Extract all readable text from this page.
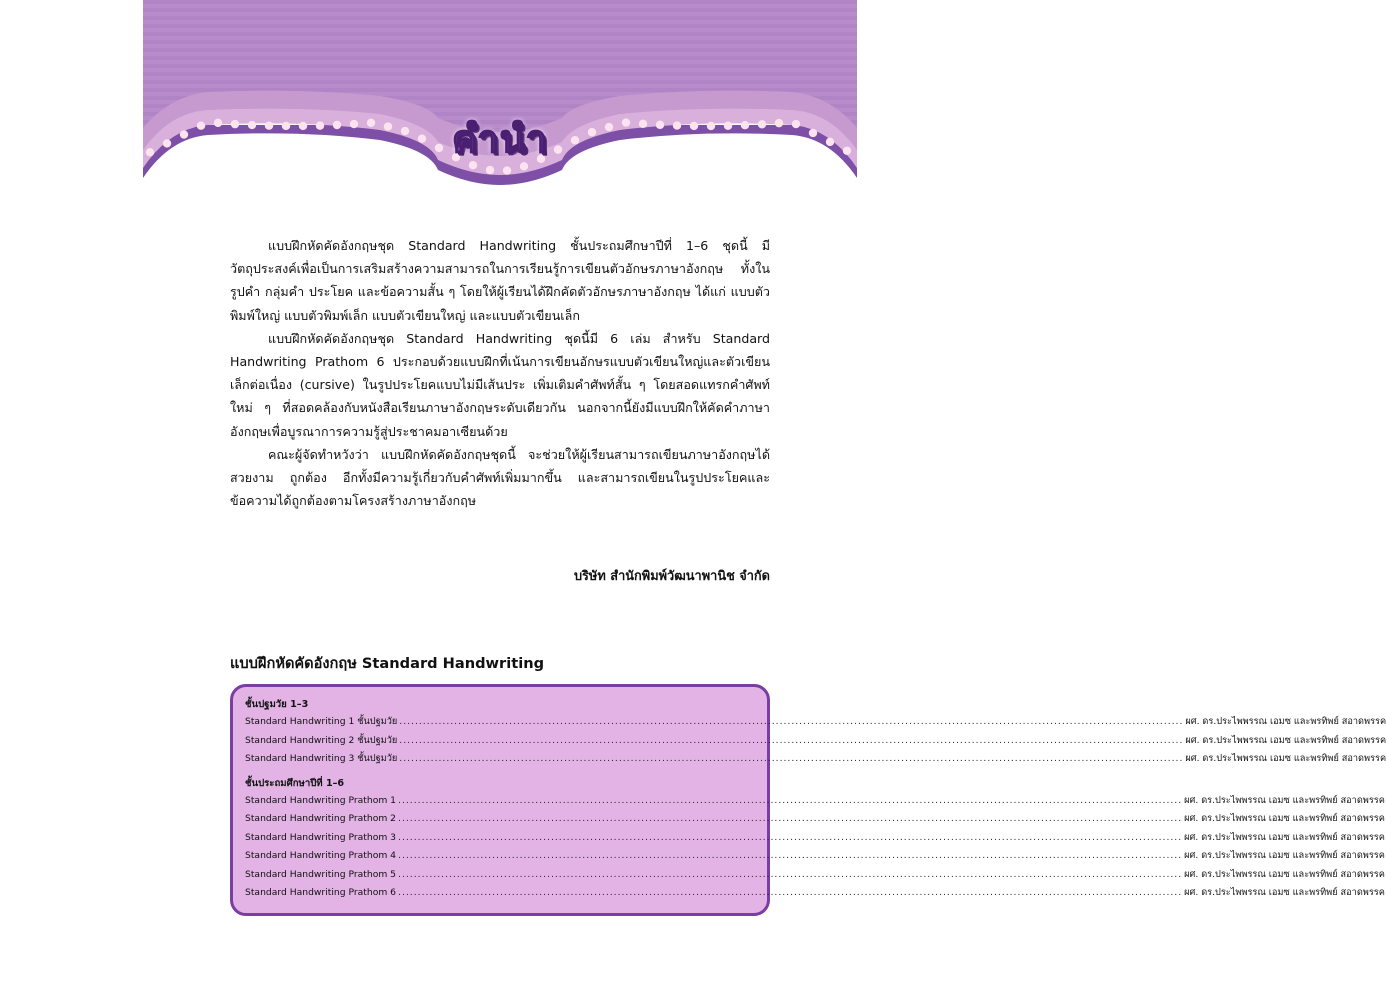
คำนำ

แบบฝึกหัดคัดอังกฤษชุด Standard Handwriting ชั้นประถมศึกษาปีที่ 1–6 ชุดนี้ มีวัตถุประสงค์เพื่อเป็นการเสริมสร้างความสามารถในการเรียนรู้การเขียนตัวอักษรภาษาอังกฤษ ทั้งในรูปคำ กลุ่มคำ ประโยค และข้อความสั้น ๆ โดยให้ผู้เรียนได้ฝึกคัดตัวอักษรภาษาอังกฤษ ได้แก่ แบบตัวพิมพ์ใหญ่ แบบตัวพิมพ์เล็ก แบบตัวเขียนใหญ่ และแบบตัวเขียนเล็ก

แบบฝึกหัดคัดอังกฤษชุด Standard Handwriting ชุดนี้มี 6 เล่ม สำหรับ Standard Handwriting Prathom 6 ประกอบด้วยแบบฝึกที่เน้นการเขียนอักษรแบบตัวเขียนใหญ่และตัวเขียนเล็กต่อเนื่อง (cursive) ในรูปประโยคแบบไม่มีเส้นประ เพิ่มเติมคำศัพท์สั้น ๆ โดยสอดแทรกคำศัพท์ใหม่ ๆ ที่สอดคล้องกับหนังสือเรียนภาษาอังกฤษระดับเดียวกัน นอกจากนี้ยังมีแบบฝึกให้คัดคำภาษาอังกฤษเพื่อบูรณาการความรู้สู่ประชาคมอาเซียนด้วย

คณะผู้จัดทำหวังว่า แบบฝึกหัดคัดอังกฤษชุดนี้ จะช่วยให้ผู้เรียนสามารถเขียนภาษาอังกฤษได้สวยงาม ถูกต้อง อีกทั้งมีความรู้เกี่ยวกับคำศัพท์เพิ่มมากขึ้น และสามารถเขียนในรูปประโยคและข้อความได้ถูกต้องตามโครงสร้างภาษาอังกฤษ

บริษัท สำนักพิมพ์วัฒนาพานิช จำกัด
แบบฝึกหัดคัดอังกฤษ Standard Handwriting
ชั้นปฐมวัย 1–3
Standard Handwriting 1 ชั้นปฐมวัย ........................................................................................................................................................................................................ ผศ. ดร.ประไพพรรณ เอมซ และพรทิพย์ สอาดพรรค
Standard Handwriting 2 ชั้นปฐมวัย ........................................................................................................................................................................................................ ผศ. ดร.ประไพพรรณ เอมซ และพรทิพย์ สอาดพรรค
Standard Handwriting 3 ชั้นปฐมวัย ........................................................................................................................................................................................................ ผศ. ดร.ประไพพรรณ เอมซ และพรทิพย์ สอาดพรรค
ชั้นประถมศึกษาปีที่ 1–6
Standard Handwriting Prathom 1 ........................................................................................................................................................................................................ ผศ. ดร.ประไพพรรณ เอมซ และพรทิพย์ สอาดพรรค
Standard Handwriting Prathom 2 ........................................................................................................................................................................................................ ผศ. ดร.ประไพพรรณ เอมซ และพรทิพย์ สอาดพรรค
Standard Handwriting Prathom 3 ........................................................................................................................................................................................................ ผศ. ดร.ประไพพรรณ เอมซ และพรทิพย์ สอาดพรรค
Standard Handwriting Prathom 4 ........................................................................................................................................................................................................ ผศ. ดร.ประไพพรรณ เอมซ และพรทิพย์ สอาดพรรค
Standard Handwriting Prathom 5 ........................................................................................................................................................................................................ ผศ. ดร.ประไพพรรณ เอมซ และพรทิพย์ สอาดพรรค
Standard Handwriting Prathom 6 ........................................................................................................................................................................................................ ผศ. ดร.ประไพพรรณ เอมซ และพรทิพย์ สอาดพรรค
